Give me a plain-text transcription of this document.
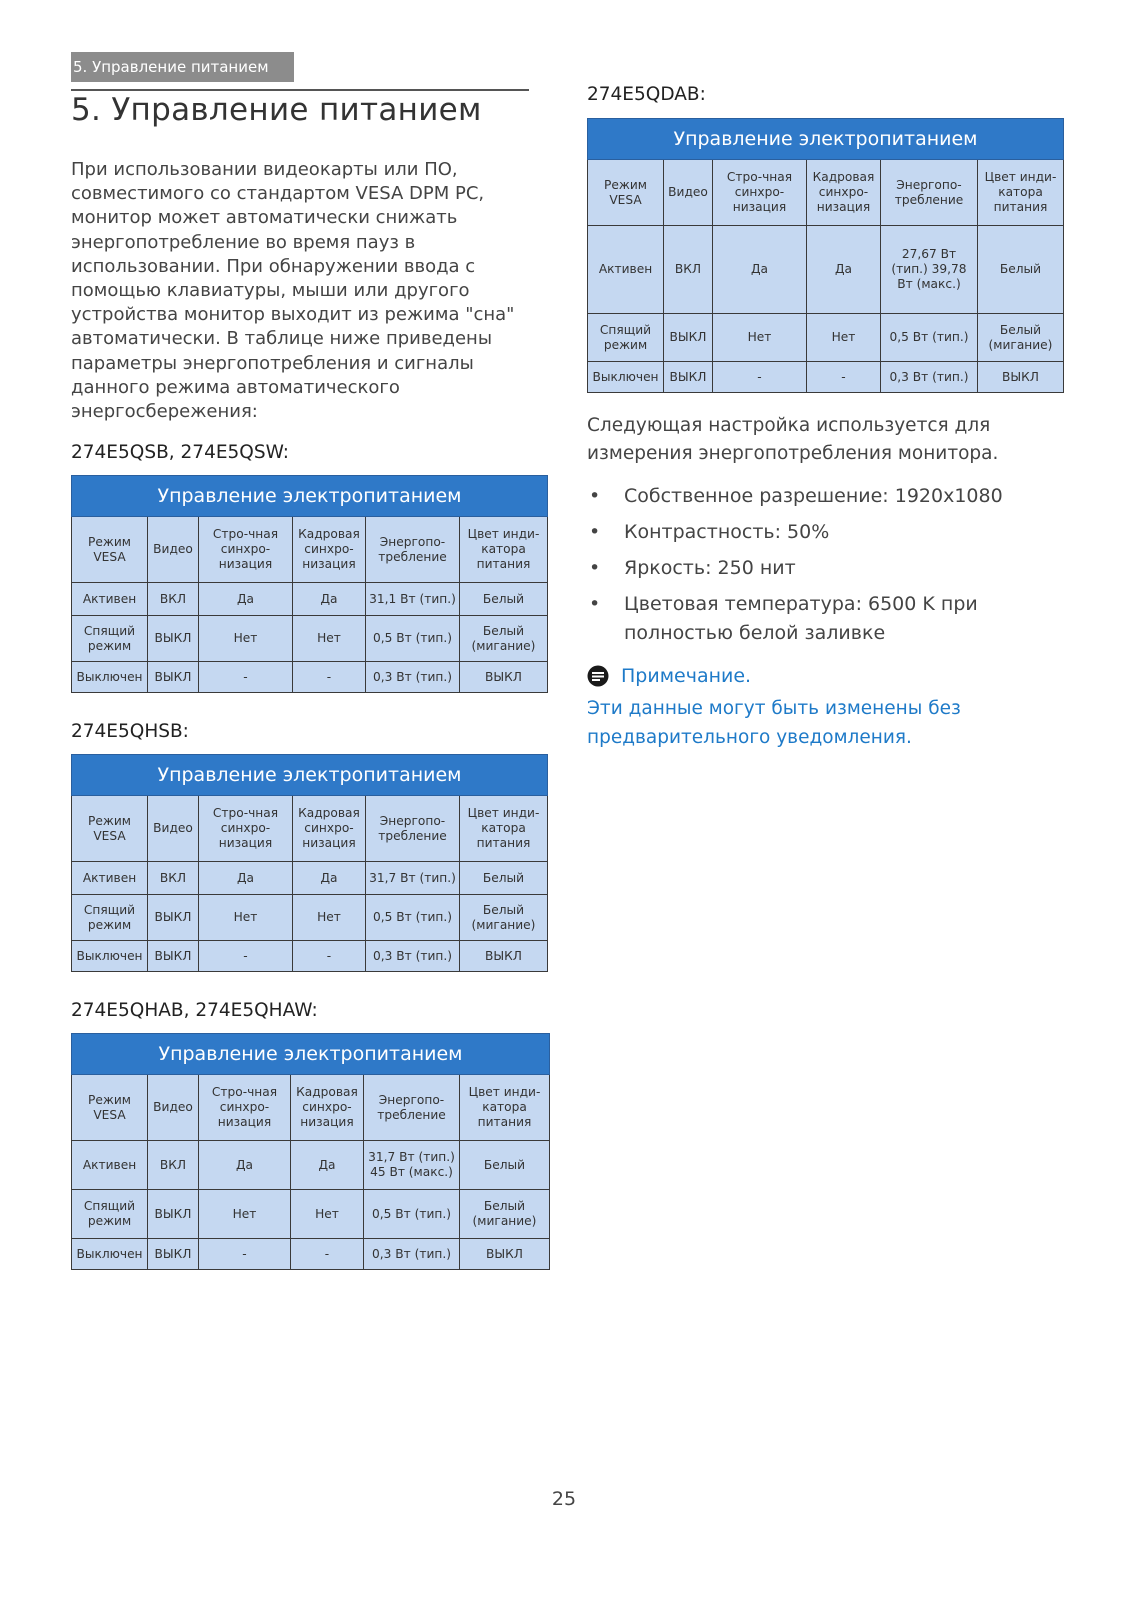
5. Управление питанием
5. Управление питанием
При использовании видеокарты или ПО, совместимого со стандартом VESA DPM PC, монитор может автоматически снижать энергопотребление во время пауз в использовании. При обнаружении ввода с помощью клавиатуры, мыши или другого устройства монитор выходит из режима "сна" автоматически. В таблице ниже приведены параметры энергопотребления и сигналы данного режима автоматического энергосбережения:
274E5QSB, 274E5QSW:
Управление электропитанием					
Режим VESA	Видео	Стро-чная синхро-низация	Кадровая синхро-низация	Энергопо-требление	Цвет инди-катора питания
Активен	ВКЛ	Да	Да	31,1 Вт (тип.)	Белый
Спящий режим	ВЫКЛ	Нет	Нет	0,5 Вт (тип.)	Белый (мигание)
Выключен	ВЫКЛ	-	-	0,3 Вт (тип.)	ВЫКЛ
274E5QHSB:
Управление электропитанием					
Режим VESA	Видео	Стро-чная синхро-низация	Кадровая синхро-низация	Энергопо-требление	Цвет инди-катора питания
Активен	ВКЛ	Да	Да	31,7 Вт (тип.)	Белый
Спящий режим	ВЫКЛ	Нет	Нет	0,5 Вт (тип.)	Белый (мигание)
Выключен	ВЫКЛ	-	-	0,3 Вт (тип.)	ВЫКЛ
274E5QHAB, 274E5QHAW:
Управление электропитанием					
Режим VESA	Видео	Стро-чная синхро-низация	Кадровая синхро-низация	Энергопо-требление	Цвет инди-катора питания
Активен	ВКЛ	Да	Да	31,7 Вт (тип.) 45 Вт (макс.)	Белый
Спящий режим	ВЫКЛ	Нет	Нет	0,5 Вт (тип.)	Белый (мигание)
Выключен	ВЫКЛ	-	-	0,3 Вт (тип.)	ВЫКЛ
274E5QDAB:
Управление электропитанием					
Режим VESA	Видео	Стро-чная синхро-низация	Кадровая синхро-низация	Энергопо-требление	Цвет инди-катора питания
Активен	ВКЛ	Да	Да	27,67 Вт (тип.) 39,78 Вт (макс.)	Белый
Спящий режим	ВЫКЛ	Нет	Нет	0,5 Вт (тип.)	Белый (мигание)
Выключен	ВЫКЛ	-	-	0,3 Вт (тип.)	ВЫКЛ
Следующая настройка используется для измерения энергопотребления монитора.
• Собственное разрешение: 1920x1080
• Контрастность: 50%
• Яркость: 250 нит
• Цветовая температура: 6500 K при полностью белой заливке
Примечание.
Эти данные могут быть изменены без предварительного уведомления.
25
